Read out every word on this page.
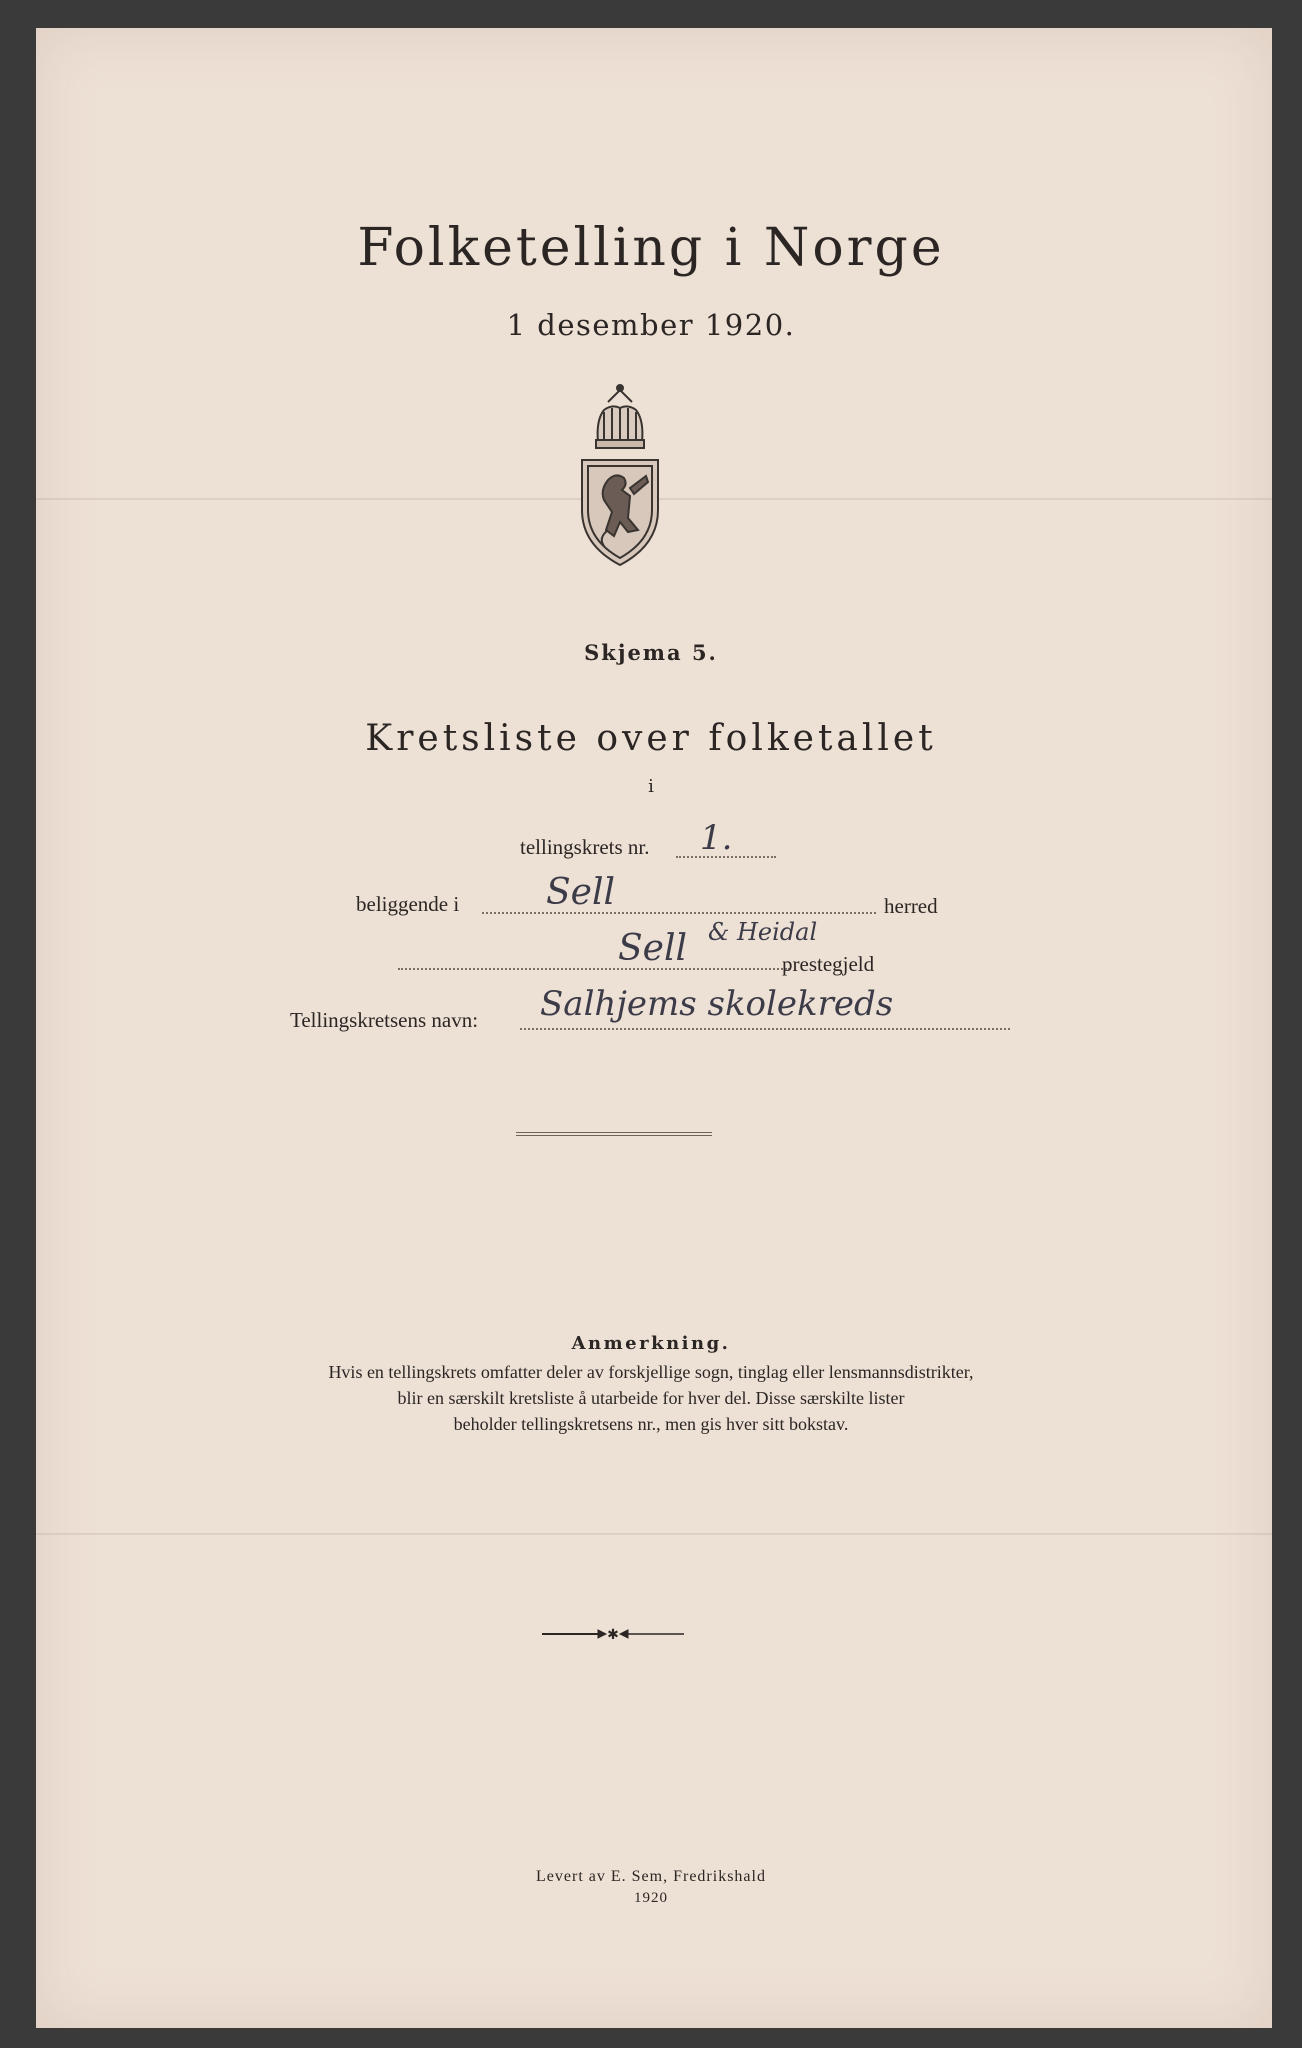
Folketelling i Norge
1 desember 1920.
Skjema 5.
Kretsliste over folketallet
i
tellingskrets nr. 1.
beliggende i Sell	herred
Sell & Heidal
prestegjeld
Tellingskretsens navn: Salhjems skolekreds
Anmerkning.
Hvis en tellingskrets omfatter deler av forskjellige sogn, tinglag eller lensmannsdistrikter,
blir en særskilt kretsliste å utarbeide for hver del. Disse særskilte lister
beholder tellingskretsens nr., men gis hver sitt bokstav.
✱
Levert av E. Sem, Fredrikshald
1920
